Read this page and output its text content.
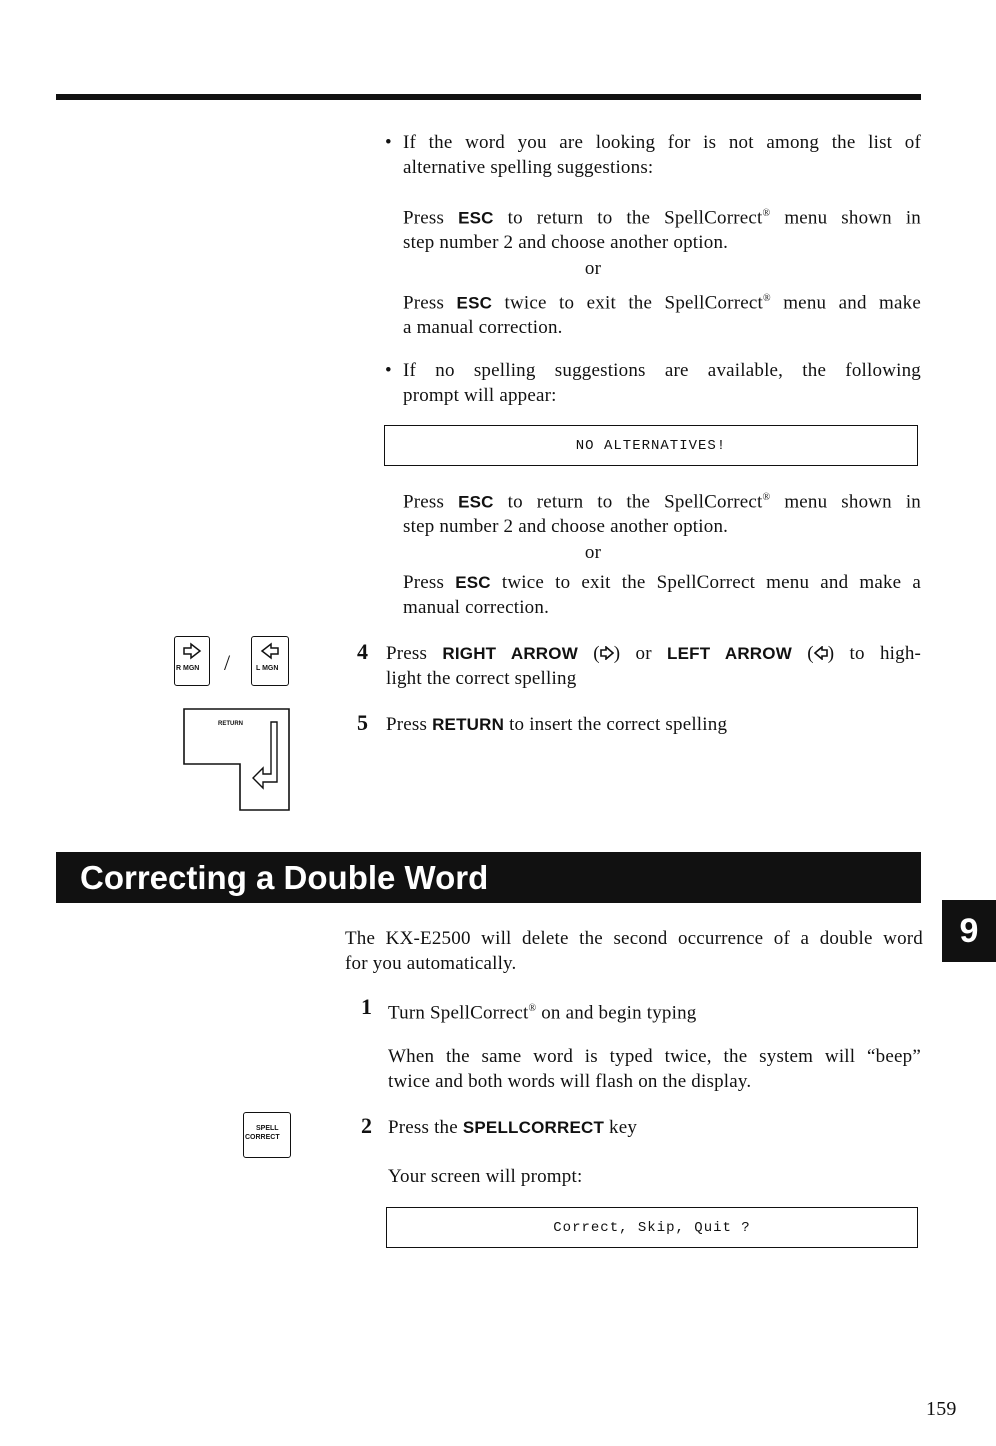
• If the word you are looking for is not among the list of
alternative spelling suggestions:
Press ESC to return to the SpellCorrect® menu shown in
step number 2 and choose another option.
or
Press ESC twice to exit the SpellCorrect® menu and make
a manual correction.
• If no spelling suggestions are available, the following
prompt will appear:
NO ALTERNATIVES!
Press ESC to return to the SpellCorrect® menu shown in
step number 2 and choose another option.
or
Press ESC twice to exit the SpellCorrect menu and make a
manual correction.
4 Press RIGHT ARROW ( ) or LEFT ARROW ( ) to high-
light the correct spelling
5 Press RETURN to insert the correct spelling
R MGN /	L MGN
RETURN
Correcting a Double Word
9
The KX-E2500 will delete the second occurrence of a double word
for you automatically.
1 Turn SpellCorrect® on and begin typing
When the same word is typed twice, the system will “beep”
twice and both words will flash on the display.
2 Press the SPELLCORRECT key
SPELL
CORRECT
Your screen will prompt:
Correct, Skip, Quit ?
159
